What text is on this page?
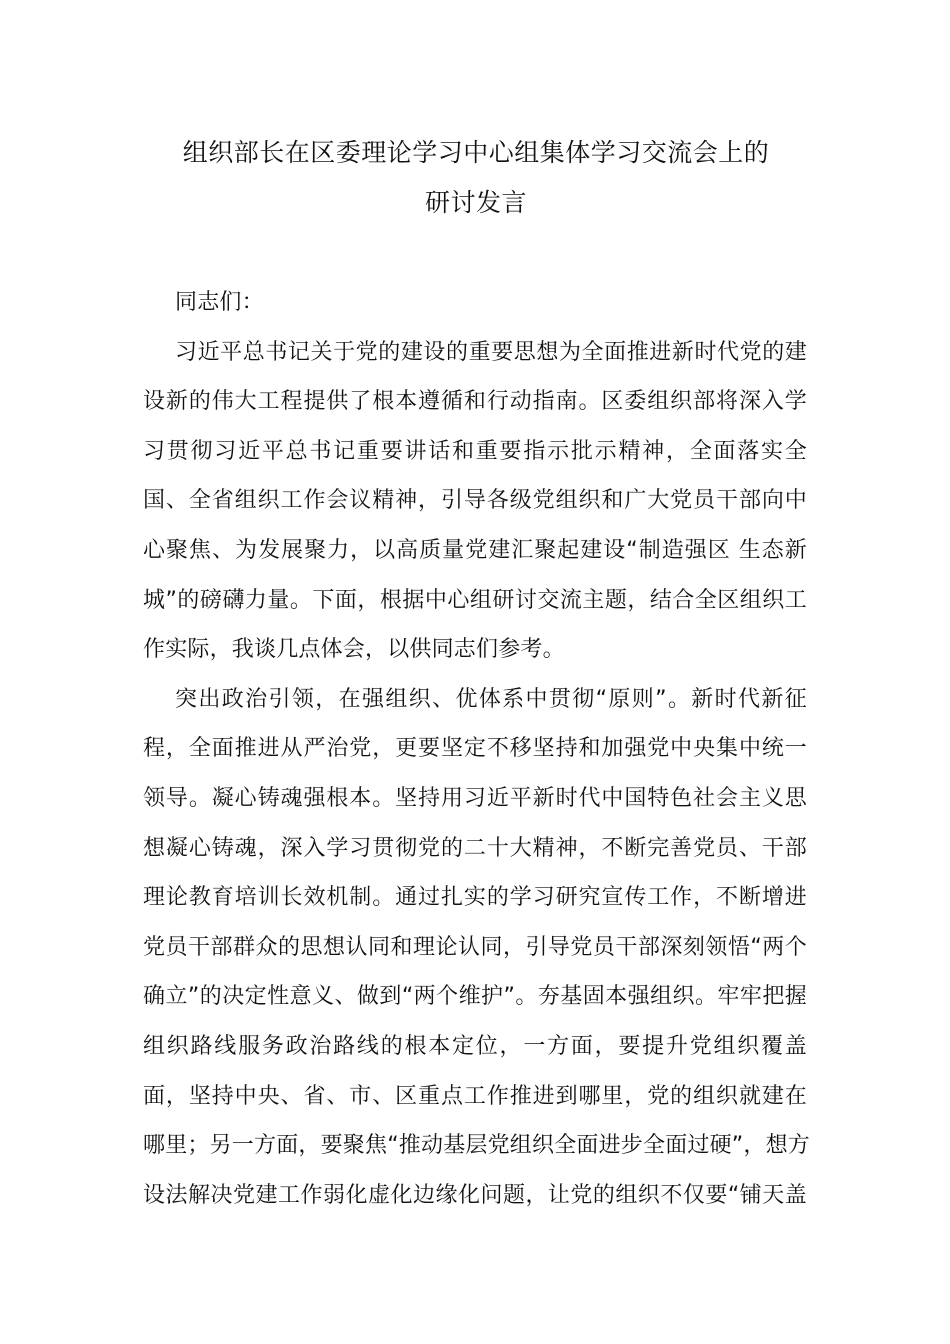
组织部长在区委理论学习中心组集体学习交流会上的
研讨发言
同志们：
习近平总书记关于党的建设的重要思想为全面推进新时代党的建
设新的伟大工程提供了根本遵循和行动指南。区委组织部将深入学
习贯彻习近平总书记重要讲话和重要指示批示精神，全面落实全
国、全省组织工作会议精神，引导各级党组织和广大党员干部向中
心聚焦、为发展聚力，以高质量党建汇聚起建设“制造强区 生态新
城”的磅礴力量。下面，根据中心组研讨交流主题，结合全区组织工
作实际，我谈几点体会，以供同志们参考。
突出政治引领，在强组织、优体系中贯彻“原则”。新时代新征
程，全面推进从严治党，更要坚定不移坚持和加强党中央集中统一
领导。凝心铸魂强根本。坚持用习近平新时代中国特色社会主义思
想凝心铸魂，深入学习贯彻党的二十大精神，不断完善党员、干部
理论教育培训长效机制。通过扎实的学习研究宣传工作，不断增进
党员干部群众的思想认同和理论认同，引导党员干部深刻领悟“两个
确立”的决定性意义、做到“两个维护”。夯基固本强组织。牢牢把握
组织路线服务政治路线的根本定位，一方面，要提升党组织覆盖
面，坚持中央、省、市、区重点工作推进到哪里，党的组织就建在
哪里；另一方面，要聚焦“推动基层党组织全面进步全面过硬”，想方
设法解决党建工作弱化虚化边缘化问题，让党的组织不仅要“铺天盖
